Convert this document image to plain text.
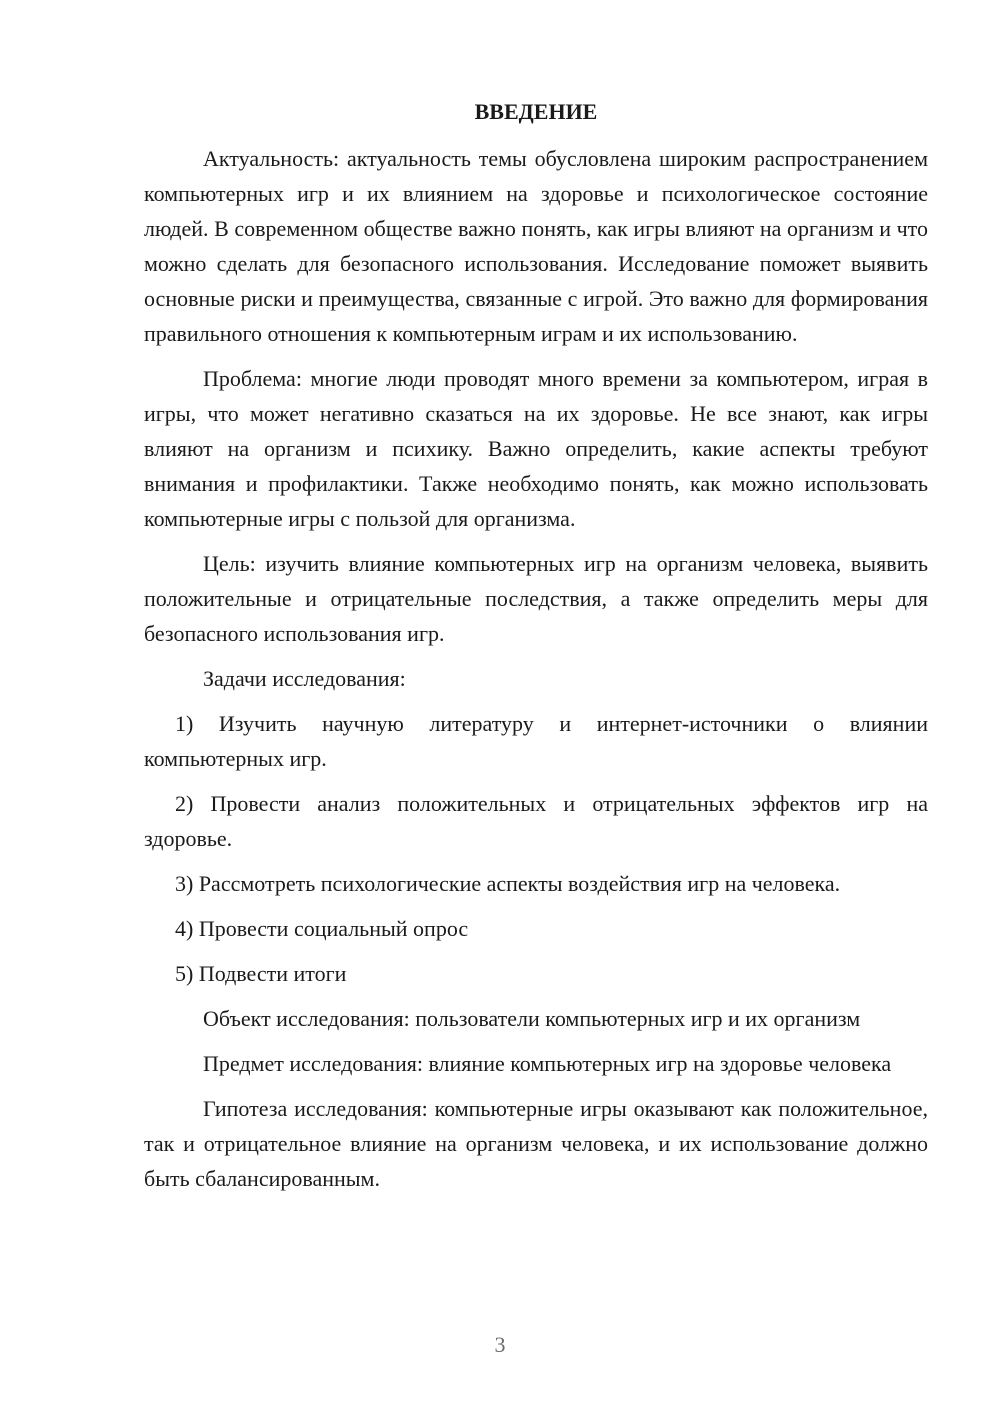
ВВЕДЕНИЕ

Актуальность: актуальность темы обусловлена широким распространением компьютерных игр и их влиянием на здоровье и психологическое состояние людей. В современном обществе важно понять, как игры влияют на организм и что можно сделать для безопасного использования. Исследование поможет выявить основные риски и преимущества, связанные с игрой. Это важно для формирования правильного отношения к компьютерным играм и их использованию.

Проблема: многие люди проводят много времени за компьютером, играя в игры, что может негативно сказаться на их здоровье. Не все знают, как игры влияют на организм и психику. Важно определить, какие аспекты требуют внимания и профилактики. Также необходимо понять, как можно использовать компьютерные игры с пользой для организма.

Цель: изучить влияние компьютерных игр на организм человека, выявить положительные и отрицательные последствия, а также определить меры для безопасного использования игр.

Задачи исследования:

1) Изучить научную литературу и интернет-источники о влиянии компьютерных игр.

2) Провести анализ положительных и отрицательных эффектов игр на здоровье.

3) Рассмотреть психологические аспекты воздействия игр на человека.

4) Провести социальный опрос

5) Подвести итоги

Объект исследования: пользователи компьютерных игр и их организм

Предмет исследования: влияние компьютерных игр на здоровье человека

Гипотеза исследования: компьютерные игры оказывают как положительное, так и отрицательное влияние на организм человека, и их использование должно быть сбалансированным.

3
